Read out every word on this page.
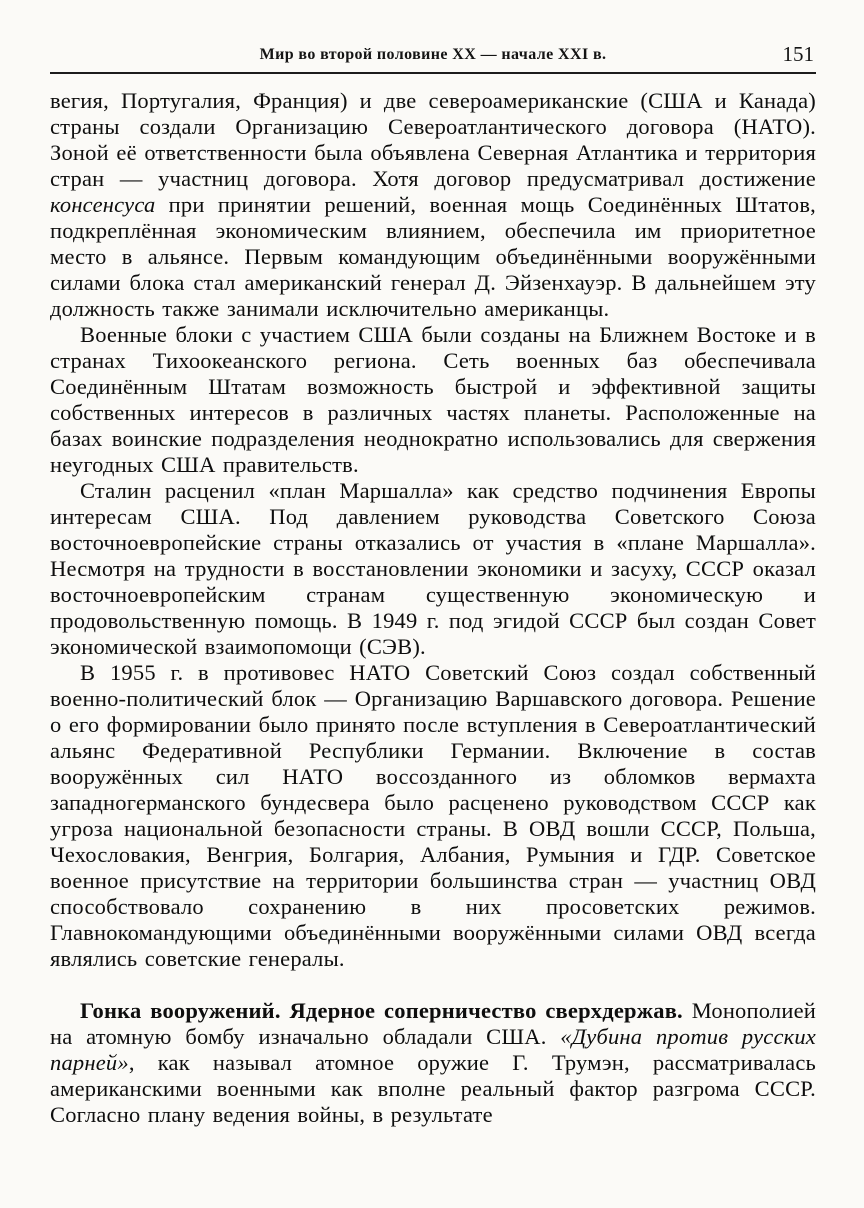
Мир во второй половине XX — начале XXI в.	151

вегия, Португалия, Франция) и две североамериканские (США и Канада) страны создали Организацию Североатлантического договора (НАТО). Зоной её ответственности была объявлена Северная Атлантика и территория стран — участниц договора. Хотя договор предусматривал достижение консенсуса при принятии решений, военная мощь Соединённых Штатов, подкреплённая экономическим влиянием, обеспечила им приоритетное место в альянсе. Первым командующим объединёнными вооружёнными силами блока стал американский генерал Д. Эйзенхауэр. В дальнейшем эту должность также занимали исключительно американцы.

Военные блоки с участием США были созданы на Ближнем Востоке и в странах Тихоокеанского региона. Сеть военных баз обеспечивала Соединённым Штатам возможность быстрой и эффективной защиты собственных интересов в различных частях планеты. Расположенные на базах воинские подразделения неоднократно использовались для свержения неугодных США правительств.

Сталин расценил «план Маршалла» как средство подчинения Европы интересам США. Под давлением руководства Советского Союза восточноевропейские страны отказались от участия в «плане Маршалла». Несмотря на трудности в восстановлении экономики и засуху, СССР оказал восточноевропейским странам существенную экономическую и продовольственную помощь. В 1949 г. под эгидой СССР был создан Совет экономической взаимопомощи (СЭВ).

В 1955 г. в противовес НАТО Советский Союз создал собственный военно-политический блок — Организацию Варшавского договора. Решение о его формировании было принято после вступления в Североатлантический альянс Федеративной Республики Германии. Включение в состав вооружённых сил НАТО воссозданного из обломков вермахта западногерманского бундесвера было расценено руководством СССР как угроза национальной безопасности страны. В ОВД вошли СССР, Польша, Чехословакия, Венгрия, Болгария, Албания, Румыния и ГДР. Советское военное присутствие на территории большинства стран — участниц ОВД способствовало сохранению в них просоветских режимов. Главнокомандующими объединёнными вооружёнными силами ОВД всегда являлись советские генералы.

Гонка вооружений. Ядерное соперничество сверхдержав. Монополией на атомную бомбу изначально обладали США. «Дубина против русских парней», как называл атомное оружие Г. Трумэн, рассматривалась американскими военными как вполне реальный фактор разгрома СССР. Согласно плану ведения войны, в результате
